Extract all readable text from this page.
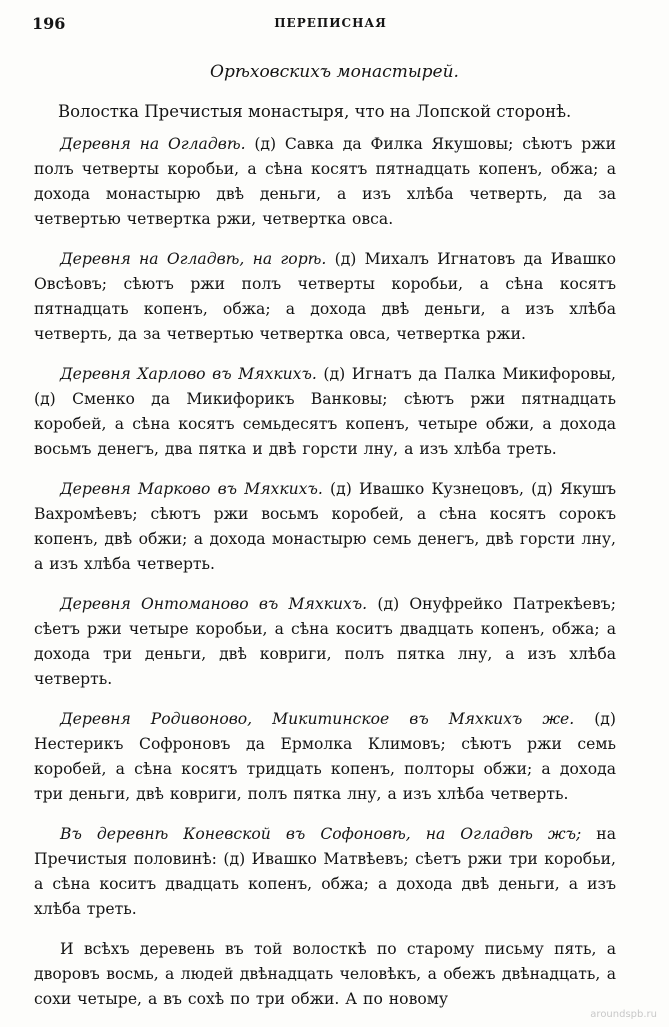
196	ПЕРЕПИСНАЯ
Орѣховскихъ монастырей.
Волостка Пречистыя монастыря, что на Лопской сторонѣ.

Деревня на Огладвѣ. (д) Савка да Филка Якушовы; сѣютъ ржи полъ четверты коробьи, а сѣна косятъ пятнадцать копенъ, обжа; а дохода монастырю двѣ деньги, а изъ хлѣба четверть, да за четвертью четвертка ржи, четвертка овса.

Деревня на Огладвѣ, на горѣ. (д) Михалъ Игнатовъ да Ивашко Овсѣовъ; сѣютъ ржи полъ четверты коробьи, а сѣна косятъ пятнадцать копенъ, обжа; а дохода двѣ деньги, а изъ хлѣба четверть, да за четвертью четвертка овса, четвертка ржи.

Деревня Харлово въ Мяхкихъ. (д) Игнатъ да Палка Микифоровы, (д) Сменко да Микифорикъ Ванковы; сѣютъ ржи пятнадцать коробей, а сѣна косятъ семьдесятъ копенъ, четыре обжи, а дохода восьмъ денегъ, два пятка и двѣ горсти лну, а изъ хлѣба треть.

Деревня Марково въ Мяхкихъ. (д) Ивашко Кузнецовъ, (д) Якушъ Вахромѣевъ; сѣютъ ржи восьмъ коробей, а сѣна косятъ сорокъ копенъ, двѣ обжи; а дохода монастырю семь денегъ, двѣ горсти лну, а изъ хлѣба четверть.

Деревня Онтоманово въ Мяхкихъ. (д) Онуфрейко Патрекѣевъ; сѣетъ ржи четыре коробьи, а сѣна коситъ двадцать копенъ, обжа; а дохода три деньги, двѣ ковриги, полъ пятка лну, а изъ хлѣба четверть.

Деревня Родивоново, Микитинское въ Мяхкихъ же. (д) Нестерикъ Софроновъ да Ермолка Климовъ; сѣютъ ржи семь коробей, а сѣна косятъ тридцать копенъ, полторы обжи; а дохода три деньги, двѣ ковриги, полъ пятка лну, а изъ хлѣба четверть.

Въ деревнѣ Коневской въ Софоновѣ, на Огладвѣ жъ; на Пречистыя половинѣ: (д) Ивашко Матвѣевъ; сѣетъ ржи три коробьи, а сѣна коситъ двадцать копенъ, обжа; а дохода двѣ деньги, а изъ хлѣба треть.

И всѣхъ деревень въ той волосткѣ по старому письму пять, а дворовъ восмь, а людей двѣнадцать человѣкъ, а обежъ двѣнадцать, а сохи четыре, а въ сохѣ по три обжи. А по новому

aroundspb.ru
